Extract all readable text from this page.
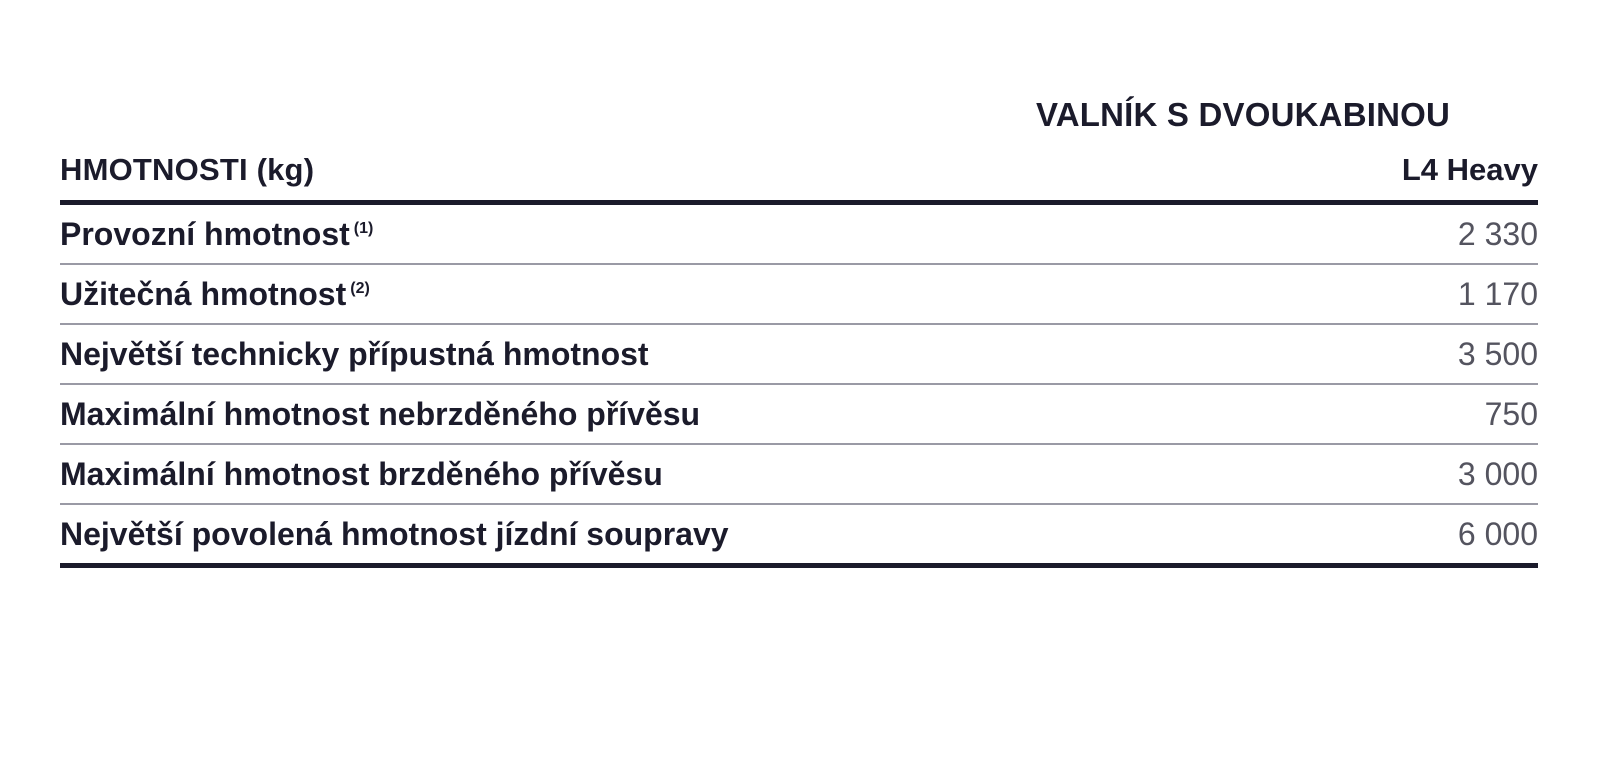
	VALNÍK S DVOUKABINOU
HMOTNOSTI (kg)	L4 Heavy
Provozní hmotnost $^{(1)}$	2 330
Užitečná hmotnost $^{(2)}$	1 170
Největší technicky přípustná hmotnost	3 500
Maximální hmotnost nebrzděného přívěsu	750
Maximální hmotnost brzděného přívěsu	3 000
Největší povolená hmotnost jízdní soupravy	6 000
